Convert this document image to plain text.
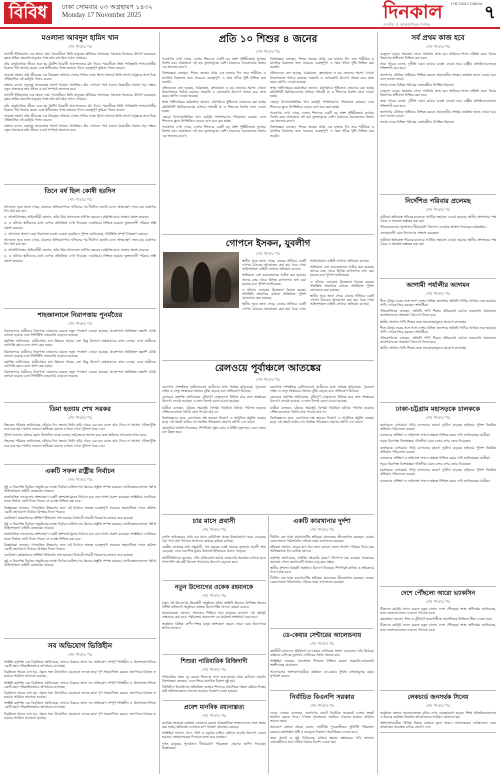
বিবিধ	ঢাকা সোমবার ০৩ অগ্রহায়ণ ১৪৩২
Monday 17 November 2025	দিনকাল	THE DAILY DINKAL
জাতীয় ও আন্তর্জাতিক দৈনিক
৭
মওলানা আবদুল হামিদ খান
শেষ পাতার পর

ভাসানী ইতিহাসের এক অনন্য নাম। সারাজীবন তিনি মানুষের অধিকার আদায়ের সংগ্রামে নিজেকে উৎসর্গ করেছেন। কৃষক শ্রমিক মেহনতি মানুষের পক্ষে তাঁর কণ্ঠ ছিল সর্বদা সোচ্চার।

তাঁর রাজনৈতিক জীবন শুরু হয় ব্রিটিশ বিরোধী আন্দোলনের মধ্য দিয়ে। পরবর্তীতে তিনি পাকিস্তানি শাসকগোষ্ঠীর বিরুদ্ধে দীর্ঘ সংগ্রাম করেন এবং স্বাধীনতার পক্ষে জনমত গঠনে গুরুত্বপূর্ণ ভূমিকা পালন করেন।

ফারাক্কা লংমার্চ তাঁর জীবনের এক উজ্জ্বল অধ্যায়। দেশের পানির ন্যায্য হিস্যা আদায়ে তিনি লাখো মানুষকে সঙ্গে নিয়ে ঐতিহাসিক এই কর্মসূচি পালন করেন।

বক্তারা বলেন, মজলুম জননেতার আদর্শ আজও প্রাসঙ্গিক। তাঁর দেখানো পথে চললে বৈষম্যহীন সমাজ গড়া সম্ভব। নতুন প্রজন্মকে তাঁর জীবন ও কর্ম সম্পর্কে জানাতে হবে।

ভাসানী ইতিহাসের এক অনন্য নাম। সারাজীবন তিনি মানুষের অধিকার আদায়ের সংগ্রামে নিজেকে উৎসর্গ করেছেন। কৃষক শ্রমিক মেহনতি মানুষের পক্ষে তাঁর কণ্ঠ ছিল সর্বদা সোচ্চার।

তাঁর রাজনৈতিক জীবন শুরু হয় ব্রিটিশ বিরোধী আন্দোলনের মধ্য দিয়ে। পরবর্তীতে তিনি পাকিস্তানি শাসকগোষ্ঠীর বিরুদ্ধে দীর্ঘ সংগ্রাম করেন এবং স্বাধীনতার পক্ষে জনমত গঠনে গুরুত্বপূর্ণ ভূমিকা পালন করেন।

ফারাক্কা লংমার্চ তাঁর জীবনের এক উজ্জ্বল অধ্যায়। দেশের পানির ন্যায্য হিস্যা আদায়ে তিনি লাখো মানুষকে সঙ্গে নিয়ে ঐতিহাসিক এই কর্মসূচি পালন করেন।

বক্তারা বলেন, মজলুম জননেতার আদর্শ আজও প্রাসঙ্গিক। তাঁর দেখানো পথে চললে বৈষম্যহীন সমাজ গড়া সম্ভব। নতুন প্রজন্মকে তাঁর জীবন ও কর্ম সম্পর্কে জানাতে হবে।

তিনে বর্ষ ছিল কোষী হরদিস
শেষ পাতার পর

আদালত সূত্রে জানা গেছে, মামলার অভিযোগপত্র দাখিলের পর দীর্ঘদিন শুনানি চলে। সাক্ষ্যগ্রহণ শেষে রায় ঘোষণার দিন ধার্য করা হয়।

৩. আসামিপক্ষের আইনজীবী জানান, তাঁরা উচ্চ আদালতে আপিল করবেন। রাষ্ট্রপক্ষ রায়ে সন্তোষ প্রকাশ করেছে।

৪. এ ঘটনায় স্থানীয়দের মধ্যে ব্যাপক প্রতিক্রিয়া দেখা দিয়েছে। ন্যায়বিচার নিশ্চিত হওয়ায় ভুক্তভোগী পরিবার স্বস্তি প্রকাশ করেছে।

৫. আদালত প্রাঙ্গণে কড়া নিরাপত্তা ব্যবস্থা নেওয়া হয়েছিল। পুলিশ জানিয়েছে, পরিস্থিতি সম্পূর্ণ নিয়ন্ত্রণে রয়েছে।

আদালত সূত্রে জানা গেছে, মামলার অভিযোগপত্র দাখিলের পর দীর্ঘদিন শুনানি চলে। সাক্ষ্যগ্রহণ শেষে রায় ঘোষণার দিন ধার্য করা হয়।

৩. আসামিপক্ষের আইনজীবী জানান, তাঁরা উচ্চ আদালতে আপিল করবেন। রাষ্ট্রপক্ষ রায়ে সন্তোষ প্রকাশ করেছে।

৪. এ ঘটনায় স্থানীয়দের মধ্যে ব্যাপক প্রতিক্রিয়া দেখা দিয়েছে। ন্যায়বিচার নিশ্চিত হওয়ায় ভুক্তভোগী পরিবার স্বস্তি প্রকাশ করেছে।

শাহজালালে নিরাপত্তায় পুনর্মতৈর
শেষ পাতার পর

বিমানবন্দরে যাত্রীদের নিরাপত্তা জোরদার করতে নতুন পদক্ষেপ নেওয়া হয়েছে। প্রবেশপথে অতিরিক্ত তল্লাশি চৌকি বসানো হয়েছে এবং সিসিটিভি নজরদারি বাড়ানো হয়েছে।

কর্তৃপক্ষ জানিয়েছে, যাত্রীসেবার মান উন্নয়নে আরও বেশ কিছু উদ্যোগ বাস্তবায়নের কাজ চলছে। এতে যাত্রীদের ভোগান্তি কমবে বলে আশা করা হচ্ছে।

বিমানবন্দরে যাত্রীদের নিরাপত্তা জোরদার করতে নতুন পদক্ষেপ নেওয়া হয়েছে। প্রবেশপথে অতিরিক্ত তল্লাশি চৌকি বসানো হয়েছে এবং সিসিটিভি নজরদারি বাড়ানো হয়েছে।

কর্তৃপক্ষ জানিয়েছে, যাত্রীসেবার মান উন্নয়নে আরও বেশ কিছু উদ্যোগ বাস্তবায়নের কাজ চলছে। এতে যাত্রীদের ভোগান্তি কমবে বলে আশা করা হচ্ছে।

বিমানবন্দরে যাত্রীদের নিরাপত্তা জোরদার করতে নতুন পদক্ষেপ নেওয়া হয়েছে। প্রবেশপথে অতিরিক্ত তল্লাশি চৌকি বসানো হয়েছে এবং সিসিটিভি নজরদারি বাড়ানো হয়েছে।

ডিমা হত্যায় শেখ সরকর
শেষ পাতার পর

নিহতের পরিবার জানিয়েছে, ঘটনার দিন সন্ধ্যায় তিনি বাড়ি থেকে বের হন। রাতে আর ফিরে না আসায় খোঁজাখুঁজি শুরু করা হয়। পরদিন সকালে স্থানীয়রা মরদেহ দেখতে পেয়ে পুলিশে খবর দেয়।

পুলিশ জানায়, ঘটনার রহস্য উদঘাটনে তদন্ত চলছে। জড়িতদের শনাক্ত করে দ্রুত আইনের আওতায় আনা হবে।

নিহতের পরিবার জানিয়েছে, ঘটনার দিন সন্ধ্যায় তিনি বাড়ি থেকে বের হন। রাতে আর ফিরে না আসায় খোঁজাখুঁজি শুরু করা হয়। পরদিন সকালে স্থানীয়রা মরদেহ দেখতে পেয়ে পুলিশে খবর দেয়।

একটি সফল রাষ্ট্রীয় নির্বাচন
শেষ পাতার পর

সুষ্ঠু ও নিরপেক্ষ নির্বাচন অনুষ্ঠানের লক্ষ্যে নির্বাচন কমিশন সব ধরনের প্রস্তুতি সম্পন্ন করেছে। ভোটকেন্দ্রগুলোতে পর্যাপ্ত আইনশৃঙ্খলা বাহিনী মোতায়েন থাকবে।

রাজনৈতিক দলগুলোর অংশগ্রহণে একটি অংশগ্রহণমূলক নির্বাচন হবে বলে আশা প্রকাশ করেছেন সংশ্লিষ্টরা। ভোটাররা যাতে নির্ভয়ে ভোট দিতে পারেন সে ব্যবস্থা নিশ্চিত করা হবে।

বিশ্লেষকরা বলছেন, গণতান্ত্রিক উত্তরণের জন্য এই নির্বাচন অত্যন্ত গুরুত্বপূর্ণ। সকলের সহযোগিতা পেলে কমিশন একটি গ্রহণযোগ্য নির্বাচন উপহার দিতে পারবে।

ভোটগ্রহণ কর্মকর্তাদের প্রশিক্ষণ ইতিমধ্যে শেষ হয়েছে। নির্বাচনী সামগ্রী বিতরণের কাজও শুরু হয়েছে।

সুষ্ঠু ও নিরপেক্ষ নির্বাচন অনুষ্ঠানের লক্ষ্যে নির্বাচন কমিশন সব ধরনের প্রস্তুতি সম্পন্ন করেছে। ভোটকেন্দ্রগুলোতে পর্যাপ্ত আইনশৃঙ্খলা বাহিনী মোতায়েন থাকবে।

রাজনৈতিক দলগুলোর অংশগ্রহণে একটি অংশগ্রহণমূলক নির্বাচন হবে বলে আশা প্রকাশ করেছেন সংশ্লিষ্টরা। ভোটাররা যাতে নির্ভয়ে ভোট দিতে পারেন সে ব্যবস্থা নিশ্চিত করা হবে।

বিশ্লেষকরা বলছেন, গণতান্ত্রিক উত্তরণের জন্য এই নির্বাচন অত্যন্ত গুরুত্বপূর্ণ। সকলের সহযোগিতা পেলে কমিশন একটি গ্রহণযোগ্য নির্বাচন উপহার দিতে পারবে।

ভোটগ্রহণ কর্মকর্তাদের প্রশিক্ষণ ইতিমধ্যে শেষ হয়েছে। নির্বাচনী সামগ্রী বিতরণের কাজও শুরু হয়েছে।

সুষ্ঠু ও নিরপেক্ষ নির্বাচন অনুষ্ঠানের লক্ষ্যে নির্বাচন কমিশন সব ধরনের প্রস্তুতি সম্পন্ন করেছে। ভোটকেন্দ্রগুলোতে পর্যাপ্ত আইনশৃঙ্খলা বাহিনী মোতায়েন থাকবে।

সব অভিযোগ ভিত্তিহীন
শেষ পাতার পর

সংশ্লিষ্ট কর্তৃপক্ষ এক বিবৃতিতে জানিয়েছে, তাদের বিরুদ্ধে আনা সব অভিযোগ সম্পূর্ণ ভিত্তিহীন ও উদ্দেশ্যপ্রণোদিত। একটি মহল পরিকল্পিতভাবে অপপ্রচার চালাচ্ছে।

বিবৃতিতে আরও বলা হয়, প্রকৃত সত্য উদঘাটনে যেকোনো তদন্তে তারা পূর্ণ সহযোগিতা করবে। জনগণকে বিভ্রান্ত না হওয়ার আহ্বান জানানো হয়েছে।

সংশ্লিষ্ট কর্তৃপক্ষ এক বিবৃতিতে জানিয়েছে, তাদের বিরুদ্ধে আনা সব অভিযোগ সম্পূর্ণ ভিত্তিহীন ও উদ্দেশ্যপ্রণোদিত। একটি মহল পরিকল্পিতভাবে অপপ্রচার চালাচ্ছে।

বিবৃতিতে আরও বলা হয়, প্রকৃত সত্য উদঘাটনে যেকোনো তদন্তে তারা পূর্ণ সহযোগিতা করবে। জনগণকে বিভ্রান্ত না হওয়ার আহ্বান জানানো হয়েছে।

সংশ্লিষ্ট কর্তৃপক্ষ এক বিবৃতিতে জানিয়েছে, তাদের বিরুদ্ধে আনা সব অভিযোগ সম্পূর্ণ ভিত্তিহীন ও উদ্দেশ্যপ্রণোদিত। একটি মহল পরিকল্পিতভাবে অপপ্রচার চালাচ্ছে।

বিবৃতিতে আরও বলা হয়, প্রকৃত সত্য উদঘাটনে যেকোনো তদন্তে তারা পূর্ণ সহযোগিতা করবে। জনগণকে বিভ্রান্ত না হওয়ার আহ্বান জানানো হয়েছে।

প্রতি ১০ শিশুর ৪ জনের
শেষ পাতার পর

গবেষণায় দেখা গেছে, দেশের শিশুদের একটি বড় অংশ পুষ্টিহীনতায় ভুগছে। বিশেষ করে গ্রামাঞ্চলে এই হার তুলনামূলক বেশি। মায়েদের সচেতনতার অভাব এর অন্যতম কারণ।

বিশেষজ্ঞরা বলছেন, শিশুর জন্মের প্রথম এক হাজার দিন তার শারীরিক ও মানসিক বিকাশের জন্য সবচেয়ে গুরুত্বপূর্ণ। এ সময় সঠিক পুষ্টি নিশ্চিত করা জরুরি।

প্রতিবেদনে বলা হয়েছে, খর্বকায়তা, কৃশকায়তা ও কম ওজনের সমস্যা এখনো উদ্বেগজনক পর্যায়ে রয়েছে। সরকারি ও বেসরকারি উদ্যোগ সমন্বয় করে কাজ করার তাগিদ দেওয়া হয়েছে।

স্বাস্থ্য অধিদপ্তরের কর্মকর্তারা জানান, মাঠপর্যায়ে পুষ্টিসেবা জোরদার করা হচ্ছে। কমিউনিটি ক্লিনিকগুলোর মাধ্যমে গর্ভবতী মা ও শিশুদের বিশেষ সেবা দেওয়া হচ্ছে।

এছাড়া বিদ্যালয়ভিত্তিক খাদ্য কর্মসূচি সম্প্রসারণের পরিকল্পনা রয়েছে। এতে শিশুদের স্কুলে উপস্থিতিও বাড়বে বলে মনে করা হচ্ছে।

গবেষণায় দেখা গেছে, দেশের শিশুদের একটি বড় অংশ পুষ্টিহীনতায় ভুগছে। বিশেষ করে গ্রামাঞ্চলে এই হার তুলনামূলক বেশি। মায়েদের সচেতনতার অভাব এর অন্যতম কারণ।

বিশেষজ্ঞরা বলছেন, শিশুর জন্মের প্রথম এক হাজার দিন তার শারীরিক ও মানসিক বিকাশের জন্য সবচেয়ে গুরুত্বপূর্ণ। এ সময় সঠিক পুষ্টি নিশ্চিত করা জরুরি।

প্রতিবেদনে বলা হয়েছে, খর্বকায়তা, কৃশকায়তা ও কম ওজনের সমস্যা এখনো উদ্বেগজনক পর্যায়ে রয়েছে। সরকারি ও বেসরকারি উদ্যোগ সমন্বয় করে কাজ করার তাগিদ দেওয়া হয়েছে।

স্বাস্থ্য অধিদপ্তরের কর্মকর্তারা জানান, মাঠপর্যায়ে পুষ্টিসেবা জোরদার করা হচ্ছে। কমিউনিটি ক্লিনিকগুলোর মাধ্যমে গর্ভবতী মা ও শিশুদের বিশেষ সেবা দেওয়া হচ্ছে।

এছাড়া বিদ্যালয়ভিত্তিক খাদ্য কর্মসূচি সম্প্রসারণের পরিকল্পনা রয়েছে। এতে শিশুদের স্কুলে উপস্থিতিও বাড়বে বলে মনে করা হচ্ছে।

গবেষণায় দেখা গেছে, দেশের শিশুদের একটি বড় অংশ পুষ্টিহীনতায় ভুগছে। বিশেষ করে গ্রামাঞ্চলে এই হার তুলনামূলক বেশি। মায়েদের সচেতনতার অভাব এর অন্যতম কারণ।

বিশেষজ্ঞরা বলছেন, শিশুর জন্মের প্রথম এক হাজার দিন তার শারীরিক ও মানসিক বিকাশের জন্য সবচেয়ে গুরুত্বপূর্ণ। এ সময় সঠিক পুষ্টি নিশ্চিত করা জরুরি।

গোপনে ইসকন, যুবলীগ
শেষ পাতার পর

স্থানীয় সূত্রে জানা গেছে, রাতের আঁধারে একটি গোপন বৈঠকের আয়োজন করা হয়। খবর পেয়ে আইনশৃঙ্খলা বাহিনী সেখানে অভিযান চালায়।

অভিযানে বেশ কয়েকজনকে আটক করা হয়েছে। তাদের কাছ থেকে বিভিন্ন কাগজপত্র জব্দ করা হয়েছে বলে পুলিশ জানিয়েছে।

এ ঘটনায় এলাকায় উত্তেজনা বিরাজ করছে। পরিস্থিতি স্বাভাবিক রাখতে অতিরিক্ত পুলিশ মোতায়েন করা হয়েছে।

স্থানীয় সূত্রে জানা গেছে, রাতের আঁধারে একটি গোপন বৈঠকের আয়োজন করা হয়। খবর পেয়ে আইনশৃঙ্খলা বাহিনী সেখানে অভিযান চালায়।

অভিযানে বেশ কয়েকজনকে আটক করা হয়েছে। তাদের কাছ থেকে বিভিন্ন কাগজপত্র জব্দ করা হয়েছে বলে পুলিশ জানিয়েছে।

এ ঘটনায় এলাকায় উত্তেজনা বিরাজ করছে। পরিস্থিতি স্বাভাবিক রাখতে অতিরিক্ত পুলিশ মোতায়েন করা হয়েছে।

স্থানীয় সূত্রে জানা গেছে, রাতের আঁধারে একটি গোপন বৈঠকের আয়োজন করা হয়। খবর পেয়ে আইনশৃঙ্খলা বাহিনী সেখানে অভিযান চালায়।

রেলওয়ে পূর্বাঞ্চলে আতঙ্কের
শেষ পাতার পর

রেলপথে সাম্প্রতিক দুর্ঘটনাগুলো যাত্রীদের মধ্যে আতঙ্ক ছড়িয়েছে। পুরোনো লাইন ও সেতু সংস্কারের অভাবে ঝুঁকি বাড়ছে বলে অভিযোগ উঠেছে।

রেলওয়ে কর্তৃপক্ষ জানিয়েছে, ঝুঁকিপূর্ণ সেতুগুলো চিহ্নিত করে দ্রুত সংস্কারের উদ্যোগ নেওয়া হয়েছে। এ জন্য বিশেষ বরাদ্দ চাওয়া হয়েছে।

যাত্রীরা বলছেন, ট্রেনের সময়সূচি বিপর্যয় নিয়মিত ঘটনায় পরিণত হয়েছে। স্টেশনগুলোতে পর্যাপ্ত সেবা পাওয়া যায় না।

বিশেষজ্ঞদের মতে, রেলখাতে দক্ষ জনবল নিয়োগ ও আধুনিক প্রযুক্তি ব্যবহার ছাড়া এই সংকট কাটবে না। সমন্বিত পরিকল্পনা গ্রহণের তাগিদ দেন তারা।

কর্মকর্তারা আশ্বাস দিয়েছেন, শিগগিরই নতুন কোচ ও ইঞ্জিন যুক্ত হবে এবং সেবার মান উন্নত হবে।

রেলপথে সাম্প্রতিক দুর্ঘটনাগুলো যাত্রীদের মধ্যে আতঙ্ক ছড়িয়েছে। পুরোনো লাইন ও সেতু সংস্কারের অভাবে ঝুঁকি বাড়ছে বলে অভিযোগ উঠেছে।

রেলওয়ে কর্তৃপক্ষ জানিয়েছে, ঝুঁকিপূর্ণ সেতুগুলো চিহ্নিত করে দ্রুত সংস্কারের উদ্যোগ নেওয়া হয়েছে। এ জন্য বিশেষ বরাদ্দ চাওয়া হয়েছে।

যাত্রীরা বলছেন, ট্রেনের সময়সূচি বিপর্যয় নিয়মিত ঘটনায় পরিণত হয়েছে। স্টেশনগুলোতে পর্যাপ্ত সেবা পাওয়া যায় না।

বিশেষজ্ঞদের মতে, রেলখাতে দক্ষ জনবল নিয়োগ ও আধুনিক প্রযুক্তি ব্যবহার ছাড়া এই সংকট কাটবে না। সমন্বিত পরিকল্পনা গ্রহণের তাগিদ দেন তারা।

চার মাসে প্রবাসী
শেষ পাতার পর

চলতি অর্থবছরের প্রথম চার মাসে রেমিট্যান্স প্রবাহ উল্লেখযোগ্য হারে বেড়েছে। বৈধ পথে অর্থ পাঠাতে প্রণোদনা কার্যকর ভূমিকা রাখছে।

কেন্দ্রীয় ব্যাংকের তথ্য অনুযায়ী, গত বছরের একই সময়ের তুলনায় প্রবাসী আয় বেড়েছে। এতে বৈদেশিক মুদ্রার রিজার্ভে ইতিবাচক প্রভাব পড়েছে।

অর্থনীতিবিদরা বলছেন, হুন্ডি প্রতিরোধে কঠোর নজরদারি অব্যাহত রাখতে হবে। পাশাপাশি দক্ষ কর্মী বিদেশে পাঠানোর উদ্যোগ বাড়াতে হবে।

একটি কারখানার দুর্দশা
শেষ পাতার পর

দীর্ঘদিন বন্ধ থাকা কারখানাটির শ্রমিকরা মানবেতর জীবনযাপন করছেন। বকেয়া বেতন-ভাতা পরিশোধের দাবিতে তারা আন্দোলন করছেন।

শ্রমিকরা জানান, কয়েক মাস ধরে তারা কোনো বেতন পাননি। পরিবার নিয়ে চরম অনিশ্চয়তায় দিন কাটছে তাদের।

কর্তৃপক্ষ জানিয়েছে, আর্থিক সংকটের কারণে উৎপাদন বন্ধ রয়েছে। সরকারের সহায়তা পেলে কারখানাটি আবার চালু করা সম্ভব।

স্থানীয় প্রশাসন বিষয়টি সমাধানে উদ্যোগ নিয়েছে। শিগগিরই মালিক ও শ্রমিকদের সঙ্গে বৈঠক হবে।

দীর্ঘদিন বন্ধ থাকা কারখানাটির শ্রমিকরা মানবেতর জীবনযাপন করছেন। বকেয়া বেতন-ভাতা পরিশোধের দাবিতে তারা আন্দোলন করছেন।

নতুন উদ্যোগের ওকেক রহমানকে
শেষ পাতার পর

নতুন এই উদ্যোগের উদ্বোধনী অনুষ্ঠানে প্রধান অতিথি হিসেবে উপস্থিত ছিলেন বিশিষ্ট ব্যক্তিবর্গ। অনুষ্ঠানে বক্তারা উদ্যোগটির সাফল্য কামনা করেন।

আয়োজকরা জানান, সমাজের পিছিয়ে পড়া মানুষের কল্যাণে এই কর্মসূচি বাস্তবায়ন করা হবে। পর্যায়ক্রমে সারাদেশে এর কার্যক্রম সম্প্রসারণ করা হবে।

অনুষ্ঠানে বিভিন্ন শ্রেণী-পেশার মানুষ অংশগ্রহণ করেন। তারা এমন উদ্যোগকে স্বাগত জানান।

শিশুরা পারিবারিক রিজিদাদী
শেষ পাতার পর

পারিবারিক বন্ধন দৃঢ় করতে শিশুদের সঙ্গে বাবা-মায়ের সময় কাটানো জরুরি। বিশেষজ্ঞরা বলছেন, এতে শিশুর মানসিক বিকাশ সুষ্ঠু হয়।

ডিজিটাল ডিভাইসের অতিরিক্ত ব্যবহার শিশুদের সামাজিক দক্ষতা কমিয়ে দিচ্ছে। তাই অভিভাবকদের সচেতন হওয়ার পরামর্শ দেওয়া হয়েছে।

প্রবেশ মানবিক রয়ানাল্পত্য
শেষ পাতার পর

মানবিক সহায়তা কার্যক্রম জোরদার করতে আন্তর্জাতিক সংস্থাগুলোর সঙ্গে সমন্বয় করা হচ্ছে। ক্ষতিগ্রস্ত এলাকায় ত্রাণ বিতরণ অব্যাহত রয়েছে।

সংশ্লিষ্টরা জানান, খাদ্য, পানি ও ওষুধের চাহিদা মেটাতে বাড়তি উদ্যোগ নেওয়া হয়েছে। স্বেচ্ছাসেবকরা দিনরাত কাজ করে যাচ্ছেন।

দুর্গত মানুষের পুনর্বাসনে দীর্ঘমেয়াদি পরিকল্পনা গ্রহণের তাগিদ দিয়েছেন বিশ্লেষকরা।

ডে-কেয়ার সেন্টারের আলোচনায়
শেষ পাতার পর

কর্মজীবী মায়েদের সুবিধার্থে ডে-কেয়ার সেন্টারের সংখ্যা বাড়ানোর দাবি উঠেছে। বর্তমানে চাহিদার তুলনায় সেন্টারের সংখ্যা অনেক কম।

সংশ্লিষ্টরা বলছেন, মানসম্মত শিশুযত্ন নিশ্চিত করতে সরকারি-বেসরকারি অংশীদারত্ব প্রয়োজন।

আলোচনায় অংশগ্রহণকারীরা কর্মস্থলে ডে-কেয়ার সুবিধা বাধ্যতামূলক করার সুপারিশ করেন।

নির্বাচিত বিএনপি সরকার
শেষ পাতার পর

দলের নেতারা বলেছেন, জনগণের ভোটে নির্বাচিত সরকারই দেশের সংকট সমাধান করতে পারে। গণতন্ত্র পুনরুদ্ধারে সবাইকে ঐক্যবদ্ধ হওয়ার আহ্বান জানান তারা।

সমাবেশে বক্তারা আরও বলেন, অর্থনীতি পুনরুজ্জীবনে সুনির্দিষ্ট পরিকল্পনা রয়েছে। কর্মসংস্থান সৃষ্টি ও দ্রব্যমূল্য নিয়ন্ত্রণে অগ্রাধিকার দেওয়া হবে।

তারা অবাধ ও সুষ্ঠু নির্বাচনের মাধ্যমে ক্ষমতা হস্তান্তরের দাবি জানান। নেতাকর্মীদের মাঠে সক্রিয় থাকার নির্দেশ দেওয়া হয়।

সর্ব প্রথম কাজ হবে
শেষ পাতার পর

নেতৃবৃন্দ বলেন, ক্ষমতায় গেলে সর্বপ্রথম কাজ হবে আইনের শাসন প্রতিষ্ঠা করা। বিচার বিভাগের স্বাধীনতা নিশ্চিত করা হবে।

তারা আরও বলেন, দুর্নীতি দমনে কঠোর ব্যবস্থা নেওয়া হবে। রাষ্ট্রীয় প্রতিষ্ঠানগুলোকে শক্তিশালী করা হবে।

জনগণের মৌলিক অধিকার নিশ্চিত করতে প্রয়োজনীয় সংস্কার কার্যক্রম হাতে নেওয়া হবে বলে জানান তারা।

সভায় দলের বিভিন্ন পর্যায়ের নেতাকর্মীরা উপস্থিত ছিলেন।

নেতৃবৃন্দ বলেন, ক্ষমতায় গেলে সর্বপ্রথম কাজ হবে আইনের শাসন প্রতিষ্ঠা করা। বিচার বিভাগের স্বাধীনতা নিশ্চিত করা হবে।

তারা আরও বলেন, দুর্নীতি দমনে কঠোর ব্যবস্থা নেওয়া হবে। রাষ্ট্রীয় প্রতিষ্ঠানগুলোকে শক্তিশালী করা হবে।

জনগণের মৌলিক অধিকার নিশ্চিত করতে প্রয়োজনীয় সংস্কার কার্যক্রম হাতে নেওয়া হবে বলে জানান তারা।

সভায় দলের বিভিন্ন পর্যায়ের নেতাকর্মীরা উপস্থিত ছিলেন।

নির্দেশিত পরিবার প্রলেমছ
শেষ পাতার পর

দুর্ঘটনায় ক্ষতিগ্রস্ত পরিবারগুলোকে আর্থিক সহায়তা দেওয়া হয়েছে। স্থানীয় প্রশাসনের পক্ষ থেকে এ সহায়তা হস্তান্তর করা হয়।

পরিবারগুলোর পুনর্বাসনে দীর্ঘমেয়াদি উদ্যোগ নেওয়ার আশ্বাস দিয়েছেন কর্মকর্তারা।

এলাকাবাসী এমন উদ্যোগের প্রশংসা করেছেন।

দুর্ঘটনায় ক্ষতিগ্রস্ত পরিবারগুলোকে আর্থিক সহায়তা দেওয়া হয়েছে। স্থানীয় প্রশাসনের পক্ষ থেকে এ সহায়তা হস্তান্তর করা হয়।

আগামী পর্যালীর আগমন
শেষ পাতার পর

শীত মৌসুম শুরুর সঙ্গে সঙ্গে দেশের বিভিন্ন জলাশয়ে অতিথি পাখির আগমন শুরু হয়েছে। পাখি দেখতে ভিড় করছেন দর্শনার্থীরা।

পরিবেশবিদরা বলছেন, অতিথি পাখি শিকার প্রতিরোধে কঠোর নজরদারি প্রয়োজন। জলাশয়গুলো সংরক্ষণে উদ্যোগ নিতে হবে।

স্থানীয় প্রশাসন পাখি শিকার বন্ধে সচেতনতামূলক প্রচারণা চালাচ্ছে।

শীত মৌসুম শুরুর সঙ্গে সঙ্গে দেশের বিভিন্ন জলাশয়ে অতিথি পাখির আগমন শুরু হয়েছে। পাখি দেখতে ভিড় করছেন দর্শনার্থীরা।

পরিবেশবিদরা বলছেন, অতিথি পাখি শিকার প্রতিরোধে কঠোর নজরদারি প্রয়োজন। জলাশয়গুলো সংরক্ষণে উদ্যোগ নিতে হবে।

স্থানীয় প্রশাসন পাখি শিকার বন্ধে সচেতনতামূলক প্রচারণা চালাচ্ছে।

ঢাকা-চট্টগ্রাম মহাসড়কে চালককে
শেষ পাতার পর

মহাসড়কে বেপরোয়া গাড়ি চালানোর কারণে দুর্ঘটনা বাড়ছে। হাইওয়ে পুলিশ নিয়মিত অভিযান পরিচালনা করছে।

চালকদের প্রশিক্ষণ ও লাইসেন্স প্রদানে স্বচ্ছতা নিশ্চিত করার দাবি জানিয়েছেন যাত্রীরা।

সড়ক নিরাপত্তা বিশেষজ্ঞরা গতিসীমা মেনে চলার ওপর জোর দিয়েছেন।

মহাসড়কে বেপরোয়া গাড়ি চালানোর কারণে দুর্ঘটনা বাড়ছে। হাইওয়ে পুলিশ নিয়মিত অভিযান পরিচালনা করছে।

চালকদের প্রশিক্ষণ ও লাইসেন্স প্রদানে স্বচ্ছতা নিশ্চিত করার দাবি জানিয়েছেন যাত্রীরা।

সড়ক নিরাপত্তা বিশেষজ্ঞরা গতিসীমা মেনে চলার ওপর জোর দিয়েছেন।

মহাসড়কে বেপরোয়া গাড়ি চালানোর কারণে দুর্ঘটনা বাড়ছে। হাইওয়ে পুলিশ নিয়মিত অভিযান পরিচালনা করছে।

চালকদের প্রশিক্ষণ ও লাইসেন্স প্রদানে স্বচ্ছতা নিশ্চিত করার দাবি জানিয়েছেন যাত্রীরা।

দেশে পৌঁছলো আরো ভ্যাকসিন
শেষ পাতার পর

টিকাদান কর্মসূচি সফল করতে নতুন চালান দেশে পৌঁছেছে। স্বাস্থ্য অধিদপ্তর জানিয়েছে, দ্রুত জেলাগুলোতে এগুলো পাঠানো হবে।

কর্মকর্তারা জানান, শিশু ও ঝুঁকিপূর্ণ জনগোষ্ঠীকে অগ্রাধিকার ভিত্তিতে টিকা দেওয়া হবে।

টিকাদান কর্মসূচি সফল করতে নতুন চালান দেশে পৌঁছেছে। স্বাস্থ্য অধিদপ্তর জানিয়েছে, দ্রুত জেলাগুলোতে এগুলো পাঠানো হবে।

লেকচার্ড জনসর্থক সিনেম
শেষ পাতার পর

অনুষ্ঠানে বক্তারা জনসচেতনতা বৃদ্ধির ওপর গুরুত্বারোপ করেন। শিক্ষা প্রতিষ্ঠানগুলোতে এ ধরনের কার্যক্রম নিয়মিত আয়োজনের আহ্বান জানানো হয়।

অংশগ্রহণকারীরা বিভিন্ন বিষয়ে মতামত তুলে ধরেন। আয়োজকরা ভবিষ্যতেও এমন আয়োজন অব্যাহত রাখার ঘোষণা দেন।
